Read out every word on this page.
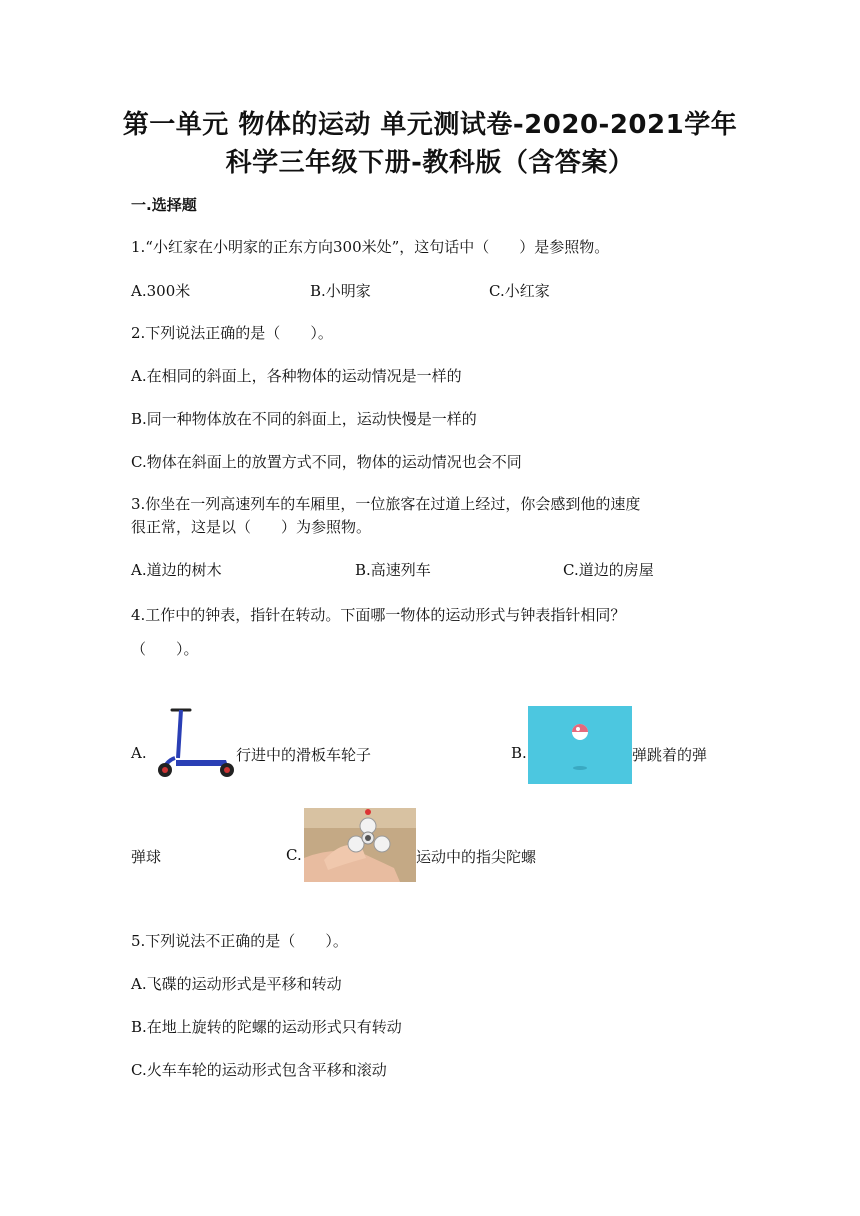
第一单元 物体的运动 单元测试卷-2020-2021学年
科学三年级下册-教科版（含答案）
一.选择题
1.“小红家在小明家的正东方向300米处”，这句话中（　　）是参照物。
A.300米	B.小明家	C.小红家
2.下列说法正确的是（　　）。
A.在相同的斜面上，各种物体的运动情况是一样的
B.同一种物体放在不同的斜面上，运动快慢是一样的
C.物体在斜面上的放置方式不同，物体的运动情况也会不同
3.你坐在一列高速列车的车厢里，一位旅客在过道上经过，你会感到他的速度
很正常，这是以（　　）为参照物。
A.道边的树木	B.高速列车	C.道边的房屋
4.工作中的钟表，指针在转动。下面哪一物体的运动形式与钟表指针相同？
（　　）。
A.	行进中的滑板车轮子	B.	弹跳着的弹
弹球	C.	运动中的指尖陀螺
5.下列说法不正确的是（　　）。
A.飞碟的运动形式是平移和转动
B.在地上旋转的陀螺的运动形式只有转动
C.火车车轮的运动形式包含平移和滚动
